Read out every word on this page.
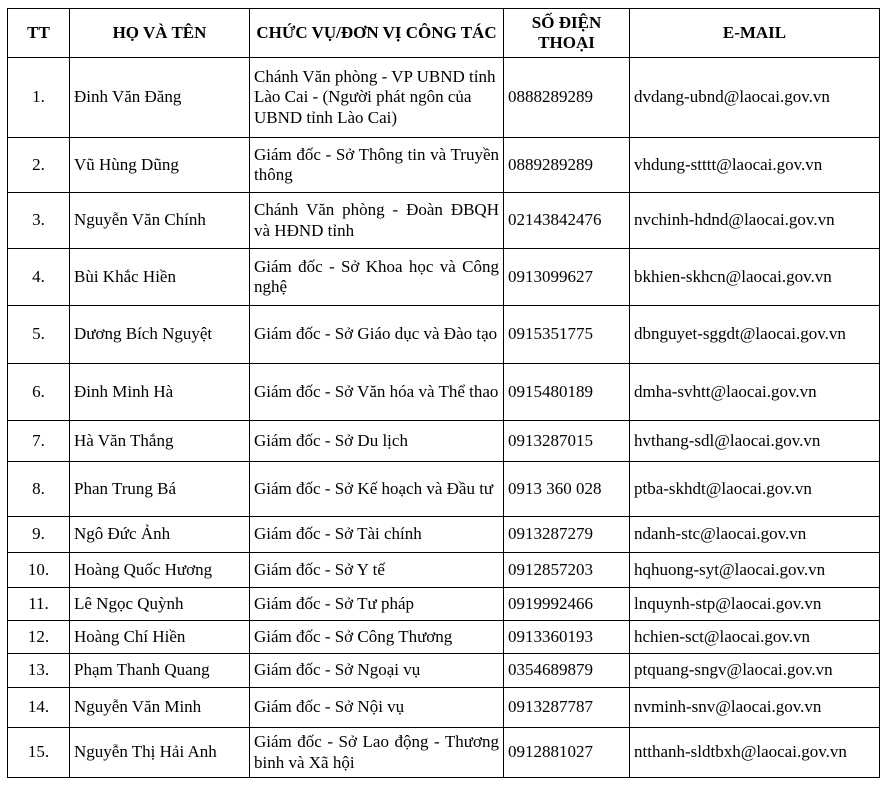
TT	HỌ VÀ TÊN	CHỨC VỤ/ĐƠN VỊ CÔNG TÁC	SỐ ĐIỆN THOẠI	E-MAIL
1.	Đinh Văn Đăng	Chánh Văn phòng - VP UBND tỉnh Lào Cai - (Người phát ngôn của UBND tỉnh Lào Cai)	0888289289	dvdang-ubnd@laocai.gov.vn
2.	Vũ Hùng Dũng	Giám đốc - Sở Thông tin và Truyền thông	0889289289	vhdung-stttt@laocai.gov.vn
3.	Nguyễn Văn Chính	Chánh Văn phòng - Đoàn ĐBQH và HĐND tỉnh	02143842476	nvchinh-hdnd@laocai.gov.vn
4.	Bùi Khắc Hiền	Giám đốc - Sở Khoa học và Công nghệ	0913099627	bkhien-skhcn@laocai.gov.vn
5.	Dương Bích Nguyệt	Giám đốc - Sở Giáo dục và Đào tạo	0915351775	dbnguyet-sggdt@laocai.gov.vn
6.	Đinh Minh Hà	Giám đốc - Sở Văn hóa và Thể thao	0915480189	dmha-svhtt@laocai.gov.vn
7.	Hà Văn Thắng	Giám đốc - Sở Du lịch	0913287015	hvthang-sdl@laocai.gov.vn
8.	Phan Trung Bá	Giám đốc - Sở Kế hoạch và Đầu tư	0913 360 028	ptba-skhdt@laocai.gov.vn
9.	Ngô Đức Ảnh	Giám đốc - Sở Tài chính	0913287279	ndanh-stc@laocai.gov.vn
10.	Hoàng Quốc Hương	Giám đốc - Sở Y tế	0912857203	hqhuong-syt@laocai.gov.vn
11.	Lê Ngọc Quỳnh	Giám đốc - Sở Tư pháp	0919992466	lnquynh-stp@laocai.gov.vn
12.	Hoàng Chí Hiền	Giám đốc - Sở Công Thương	0913360193	hchien-sct@laocai.gov.vn
13.	Phạm Thanh Quang	Giám đốc - Sở Ngoại vụ	0354689879	ptquang-sngv@laocai.gov.vn
14.	Nguyễn Văn Minh	Giám đốc - Sở Nội vụ	0913287787	nvminh-snv@laocai.gov.vn
15.	Nguyễn Thị Hải Anh	Giám đốc - Sở Lao động - Thương binh và Xã hội	0912881027	ntthanh-sldtbxh@laocai.gov.vn
